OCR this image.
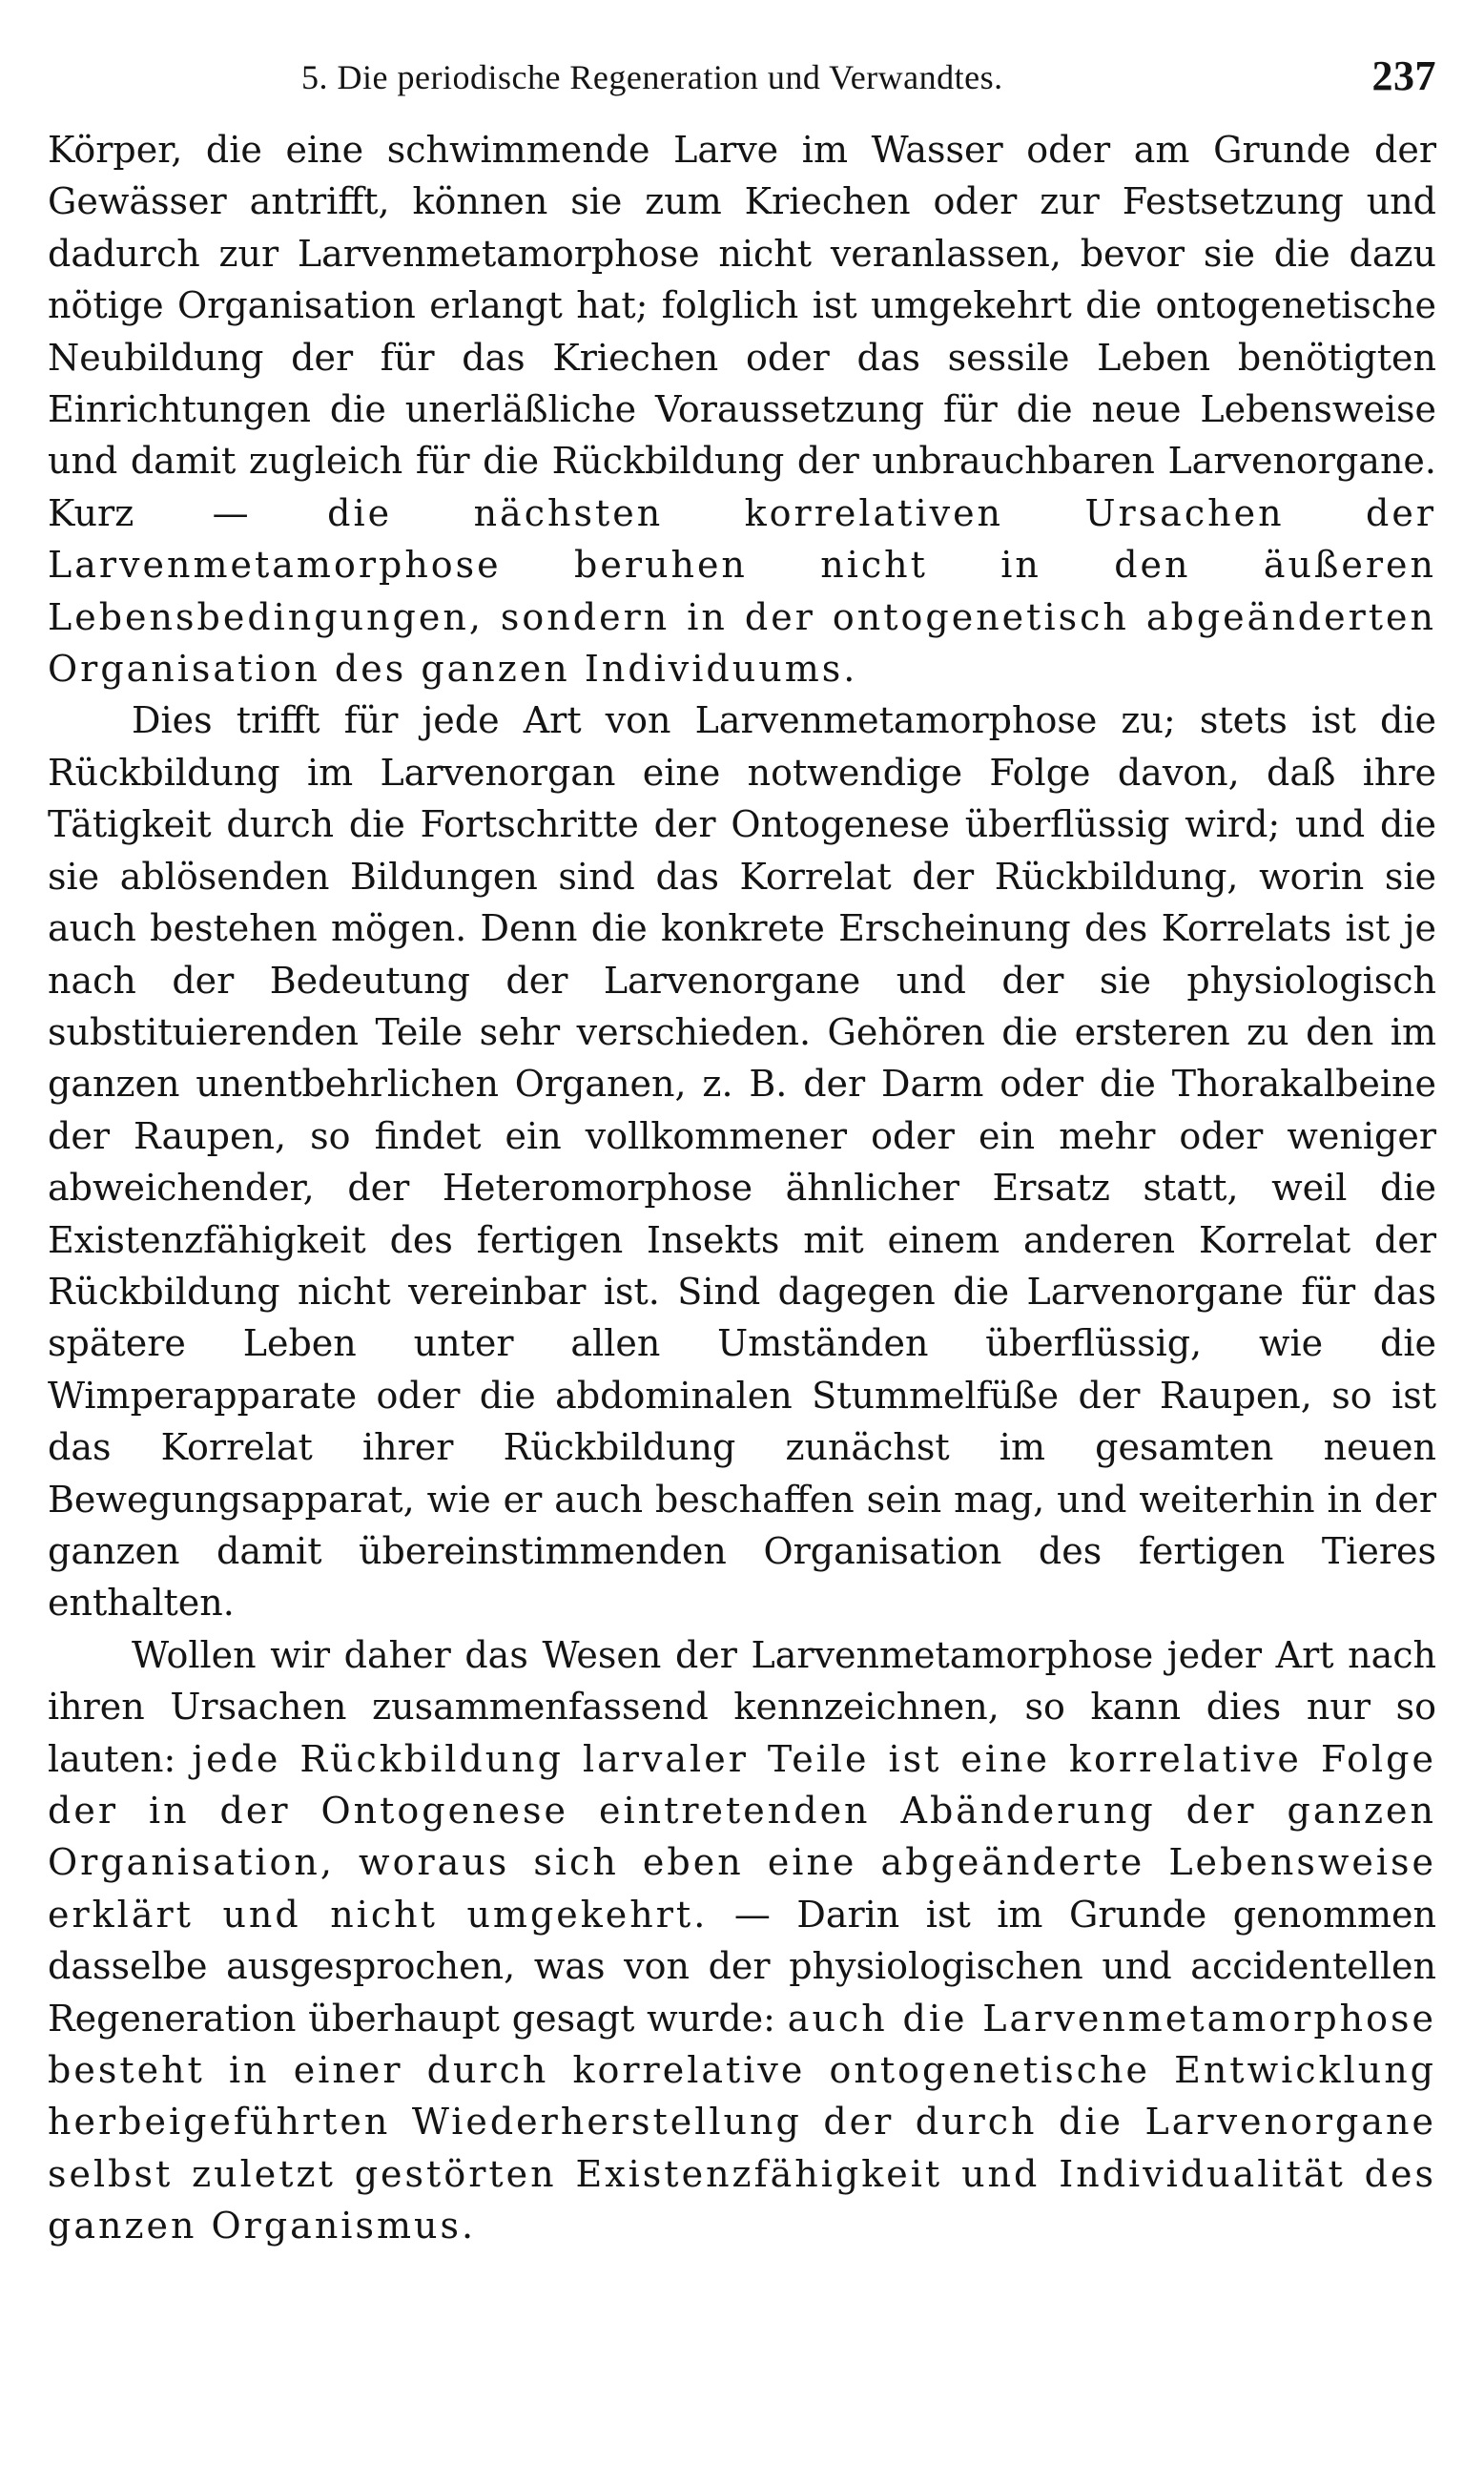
5. Die periodische Regeneration und Verwandtes.	237

Körper, die eine schwimmende Larve im Wasser oder am Grunde der Gewässer antrifft, können sie zum Kriechen oder zur Festsetzung und dadurch zur Larvenmetamorphose nicht veranlassen, bevor sie die dazu nötige Organisation erlangt hat; folglich ist umgekehrt die ontogenetische Neubildung der für das Kriechen oder das sessile Leben benötigten Einrichtungen die unerläßliche Voraussetzung für die neue Lebensweise und damit zugleich für die Rückbildung der unbrauchbaren Larvenorgane. Kurz — die nächsten korrelativen Ursachen der Larvenmetamorphose beruhen nicht in den äußeren Lebensbedingungen, sondern in der ontogenetisch abgeänderten Organisation des ganzen Individuums.

Dies trifft für jede Art von Larvenmetamorphose zu; stets ist die Rückbildung im Larvenorgan eine notwendige Folge davon, daß ihre Tätigkeit durch die Fortschritte der Ontogenese überflüssig wird; und die sie ablösenden Bildungen sind das Korrelat der Rückbildung, worin sie auch bestehen mögen. Denn die konkrete Erscheinung des Korrelats ist je nach der Bedeutung der Larvenorgane und der sie physiologisch substituierenden Teile sehr verschieden. Gehören die ersteren zu den im ganzen unentbehrlichen Organen, z. B. der Darm oder die Thorakalbeine der Raupen, so findet ein vollkommener oder ein mehr oder weniger abweichender, der Heteromorphose ähnlicher Ersatz statt, weil die Existenzfähigkeit des fertigen Insekts mit einem anderen Korrelat der Rückbildung nicht vereinbar ist. Sind dagegen die Larvenorgane für das spätere Leben unter allen Umständen überflüssig, wie die Wimperapparate oder die abdominalen Stummelfüße der Raupen, so ist das Korrelat ihrer Rückbildung zunächst im gesamten neuen Bewegungsapparat, wie er auch beschaffen sein mag, und weiterhin in der ganzen damit übereinstimmenden Organisation des fertigen Tieres enthalten.

Wollen wir daher das Wesen der Larvenmetamorphose jeder Art nach ihren Ursachen zusammenfassend kennzeichnen, so kann dies nur so lauten: jede Rückbildung larvaler Teile ist eine korrelative Folge der in der Ontogenese eintretenden Abänderung der ganzen Organisation, woraus sich eben eine abgeänderte Lebensweise erklärt und nicht umgekehrt. — Darin ist im Grunde genommen dasselbe ausgesprochen, was von der physiologischen und accidentellen Regeneration überhaupt gesagt wurde: auch die Larvenmetamorphose besteht in einer durch korrelative ontogenetische Entwicklung herbeigeführten Wiederherstellung der durch die Larvenorgane selbst zuletzt gestörten Existenzfähigkeit und Individualität des ganzen Organismus.
